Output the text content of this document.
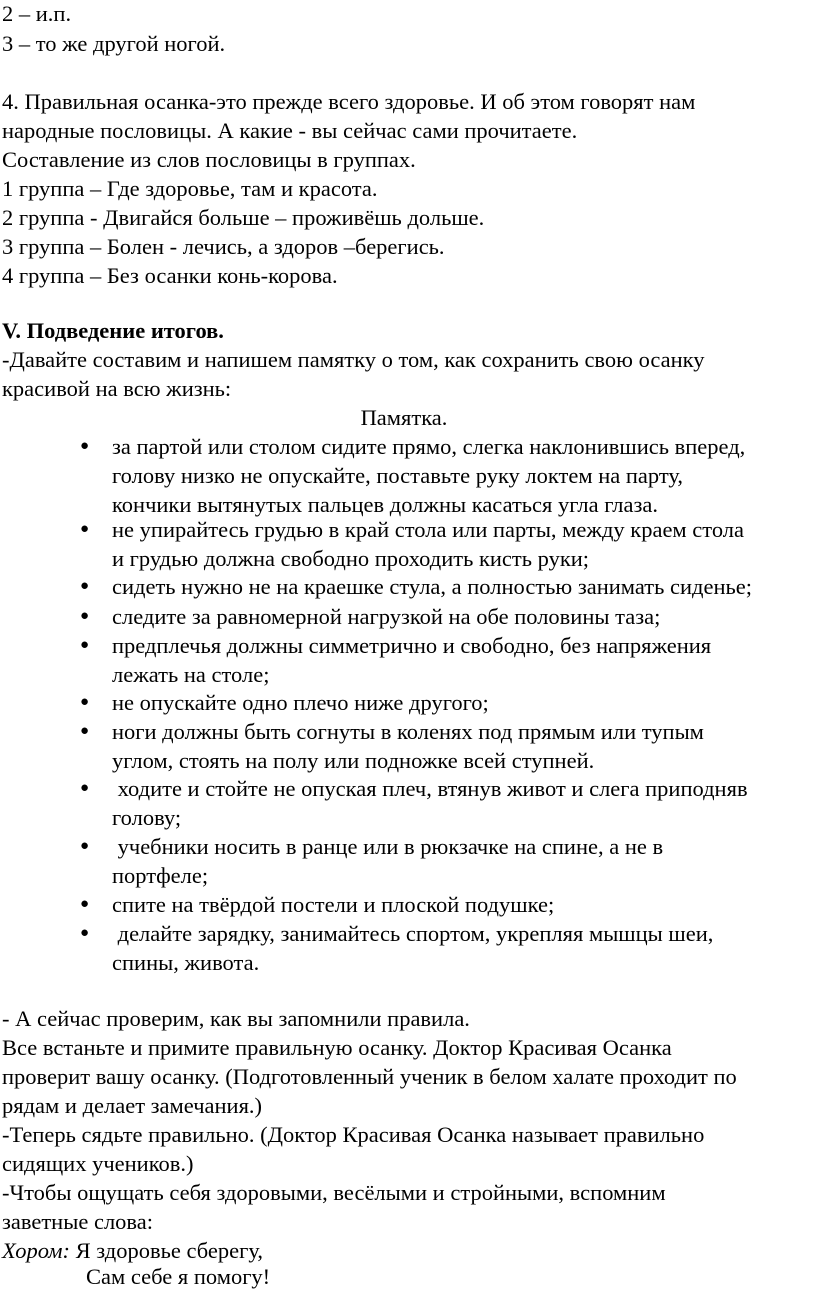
2 – и.п.
3 – то же другой ногой.
4. Правильная осанка-это прежде всего здоровье. И об этом говорят нам
народные пословицы. А какие - вы сейчас сами прочитаете.
Составление из слов пословицы в группах.
1 группа – Где здоровье, там и красота.
2 группа - Двигайся больше – проживёшь дольше.
3 группа – Болен - лечись, а здоров –берегись.
4 группа – Без осанки конь-корова.
V. Подведение итогов.
-Давайте составим и напишем памятку о том, как сохранить свою осанку
красивой на всю жизнь:
Памятка.
● за партой или столом сидите прямо, слегка наклонившись вперед,
голову низко не опускайте, поставьте руку локтем на парту,
кончики вытянутых пальцев должны касаться угла глаза.
● не упирайтесь грудью в край стола или парты, между краем стола
и грудью должна свободно проходить кисть руки;
● сидеть нужно не на краешке стула, а полностью занимать сиденье;
● следите за равномерной нагрузкой на обе половины таза;
● предплечья должны симметрично и свободно, без напряжения
лежать на столе;
● не опускайте одно плечо ниже другого;
● ноги должны быть согнуты в коленях под прямым или тупым
углом, стоять на полу или подножке всей ступней.
● ходите и стойте не опуская плеч, втянув живот и слега приподняв
голову;
● учебники носить в ранце или в рюкзачке на спине, а не в
портфеле;
● спите на твёрдой постели и плоской подушке;
● делайте зарядку, занимайтесь спортом, укрепляя мышцы шеи,
спины, живота.
- А сейчас проверим, как вы запомнили правила.
Все встаньте и примите правильную осанку. Доктор Красивая Осанка
проверит вашу осанку. (Подготовленный ученик в белом халате проходит по
рядам и делает замечания.)
-Теперь сядьте правильно. (Доктор Красивая Осанка называет правильно
сидящих учеников.)
-Чтобы ощущать себя здоровыми, весёлыми и стройными, вспомним
заветные слова:
Хором: Я здоровье сберегу,
Сам себе я помогу!
